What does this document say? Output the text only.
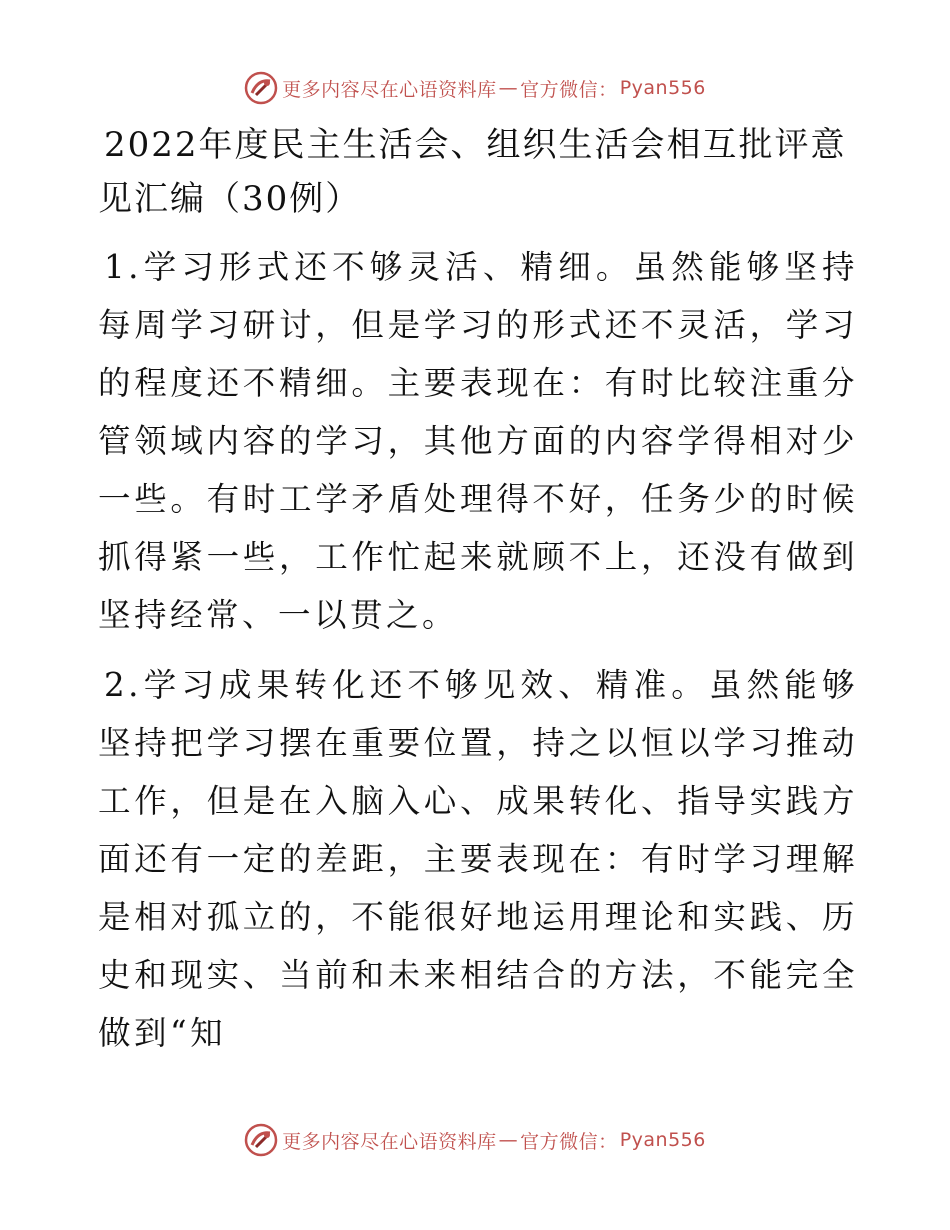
更多内容尽在心语资料库 — 官方微信： Pyan556
2022年度民主生活会、组织生活会相互批评意见汇编（30例）
1.学习形式还不够灵活、精细。虽然能够坚持每周学习研讨，但是学习的形式还不灵活，学习的程度还不精细。主要表现在：有时比较注重分管领域内容的学习，其他方面的内容学得相对少一些。有时工学矛盾处理得不好，任务少的时候抓得紧一些，工作忙起来就顾不上，还没有做到坚持经常、一以贯之。
2.学习成果转化还不够见效、精准。虽然能够坚持把学习摆在重要位置，持之以恒以学习推动工作，但是在入脑入心、成果转化、指导实践方面还有一定的差距，主要表现在：有时学习理解是相对孤立的，不能很好地运用理论和实践、历史和现实、当前和未来相结合的方法，不能完全做到“知
更多内容尽在心语资料库 — 官方微信： Pyan556
